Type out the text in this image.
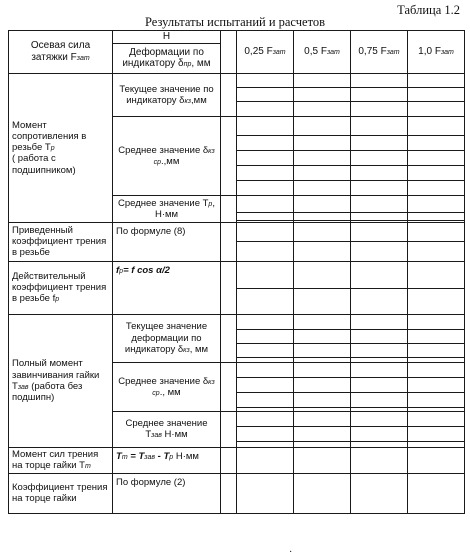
Таблица 1.2
Результаты испытаний и расчетов
Осевая сила затяжки Fзат	Н		0,25 Fзат	0,5 Fзат	0,75 Fзат	1,0 Fзат
	Деформации по индикатору δпр, мм					
Момент сопротивления в резьбе Tр
( работа с подшипником)	Текущее значение по индикатору δкз,мм					

	Среднее значение δкз ср.,мм					

	Среднее значение Tр, Н·мм					

Приведенный коэффициент трения в резьбе	По формуле (8)					

Действительный коэффициент трения в резьбе fр	fр= f cos α/2					

Полный момент завинчивания гайки Tзав (работа без подшипн)	Текущее значение деформации по индикатору δкз, мм					

	Среднее значение δкз ср., мм					

	Среднее значение Tзав Н·мм					

Момент сил трения на торце гайки Tт	Tт = Tзав - Tр Н·мм					
Коэффициент трения на торце гайки	По формуле (2)					
·
